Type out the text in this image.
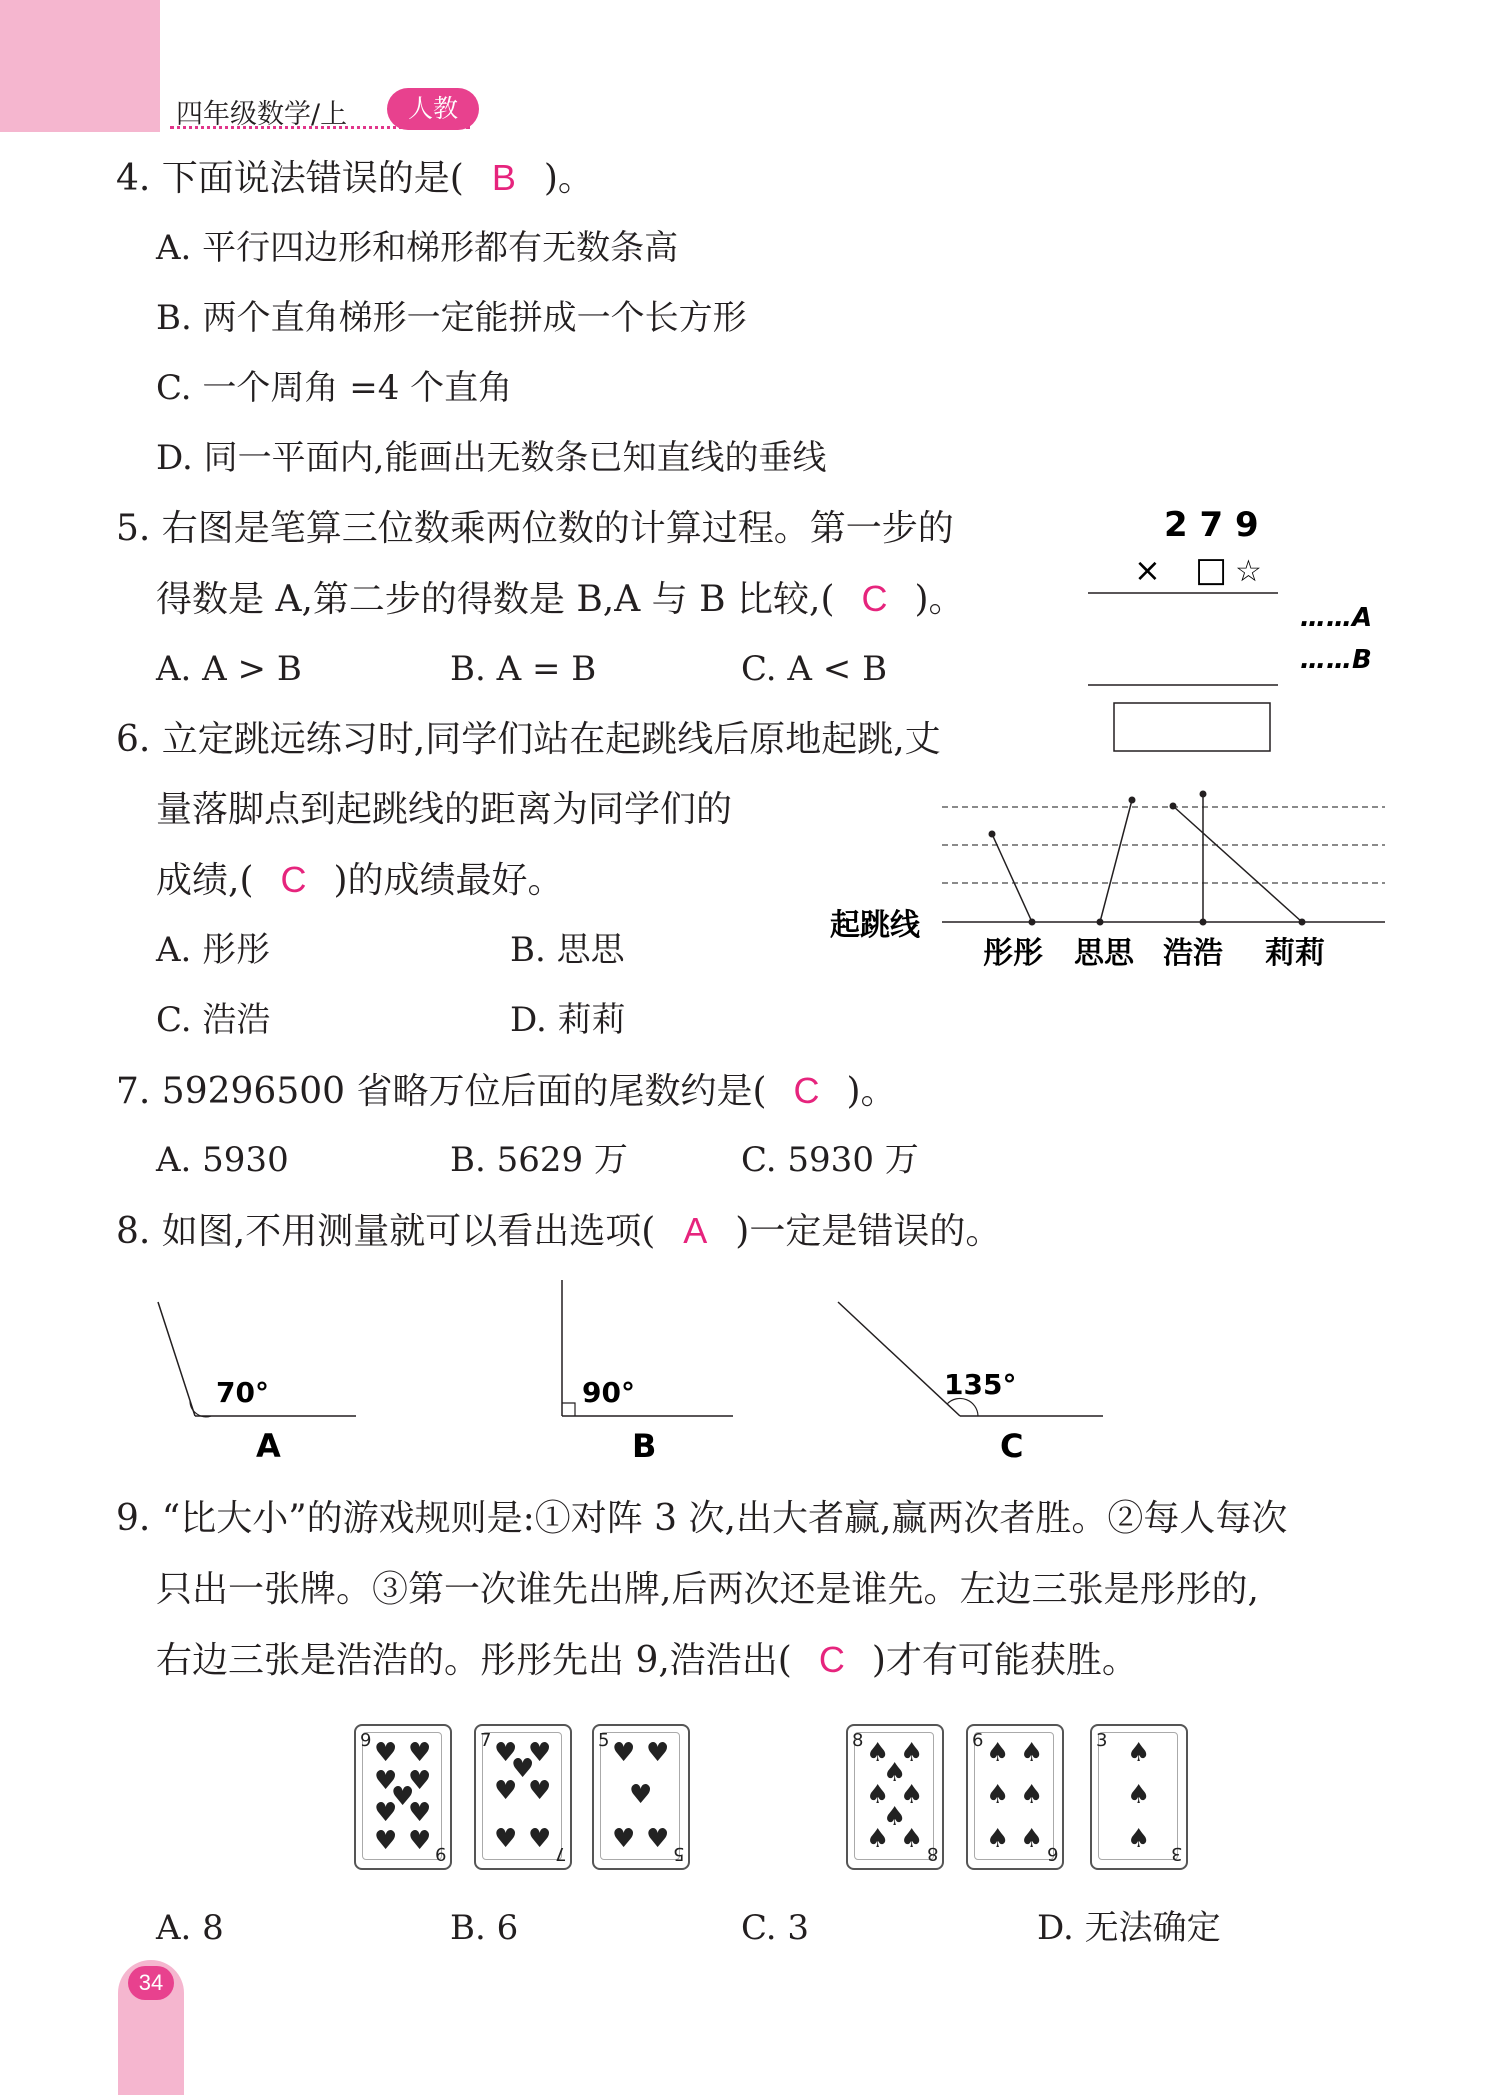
四年级数学/上	人教
4. 下面说法错误的是( B )。
A. 平行四边形和梯形都有无数条高
B. 两个直角梯形一定能拼成一个长方形
C. 一个周角 =4 个直角
D. 同一平面内,能画出无数条已知直线的垂线
5. 右图是笔算三位数乘两位数的计算过程。第一步的
得数是 A,第二步的得数是 B,A 与 B 比较,( C )。
A. A > B	B. A = B	C. A < B
2 7 9
× □ ☆
……A
……B
6. 立定跳远练习时,同学们站在起跳线后原地起跳,丈
量落脚点到起跳线的距离为同学们的
成绩,( C )的成绩最好。
A. 彤彤	B. 思思
C. 浩浩	D. 莉莉
起跳线
彤彤 思思 浩浩 莉莉
7. 59296500 省略万位后面的尾数约是( C )。
A. 5930	B. 5629 万	C. 5930 万
8. 如图,不用测量就可以看出选项( A )一定是错误的。
70°
A
90°
B
135°
C
9. “比大小”的游戏规则是:①对阵 3 次,出大者赢,赢两次者胜。②每人每次
只出一张牌。③第一次谁先出牌,后两次还是谁先。左边三张是彤彤的,
右边三张是浩浩的。彤彤先出 9,浩浩出( C )才有可能获胜。
9
9
♥ ♥
♥ ♥
♥
♥ ♥
♥ ♥
7
7
♥ ♥
♥
♥ ♥
♥ ♥
5
5
♥ ♥
♥
♥ ♥
8
8
♠ ♠
♠
♠ ♠
♠
♠ ♠
6
6
♠ ♠
♠ ♠
♠ ♠
3
3
♠
♠
♠
A. 8	B. 6	C. 3	D. 无法确定
34
